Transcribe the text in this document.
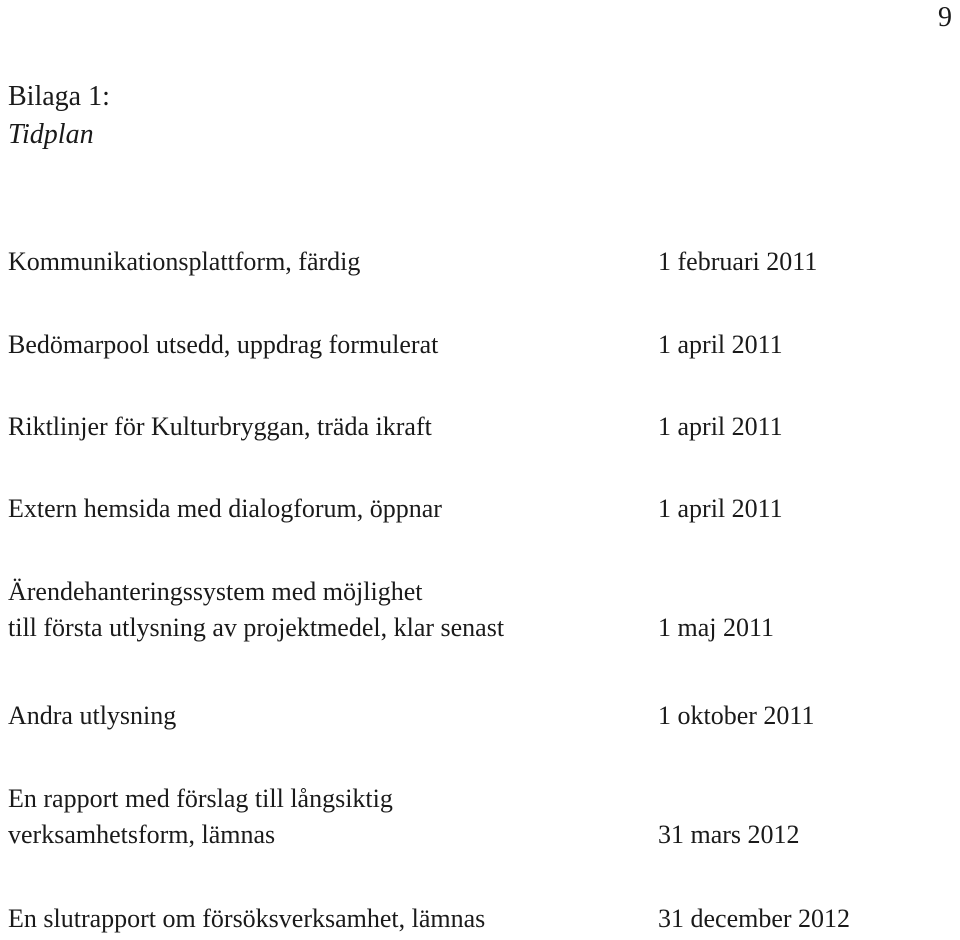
9
Bilaga 1:
Tidplan
Kommunikationsplattform, färdig	1 februari 2011
Bedömarpool utsedd, uppdrag formulerat	1 april 2011
Riktlinjer för Kulturbryggan, träda ikraft	1 april 2011
Extern hemsida med dialogforum, öppnar	1 april 2011
Ärendehanteringssystem med möjlighet
till första utlysning av projektmedel, klar senast	1 maj 2011
Andra utlysning	1 oktober 2011
En rapport med förslag till långsiktig
verksamhetsform, lämnas	31 mars 2012
En slutrapport om försöksverksamhet, lämnas	31 december 2012
